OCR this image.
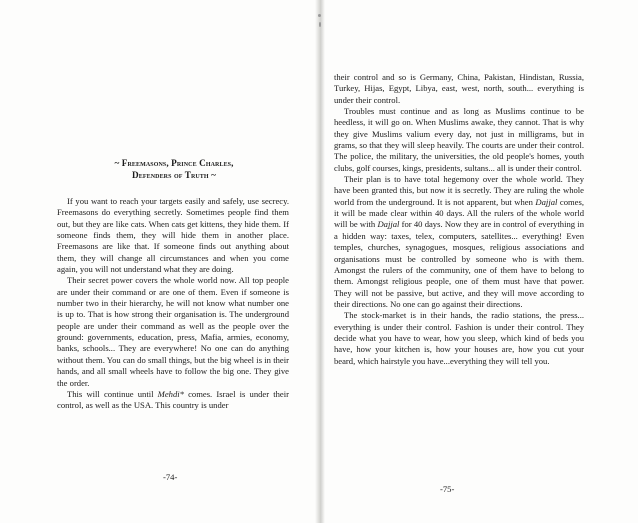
~ Freemasons, Prince Charles,
Defenders of Truth ~

If you want to reach your targets easily and safely, use secrecy. Freemasons do everything secretly. Sometimes people find them out, but they are like cats. When cats get kittens, they hide them. If someone finds them, they will hide them in another place. Freemasons are like that. If someone finds out anything about them, they will change all circumstances and when you come again, you will not understand what they are doing.

Their secret power covers the whole world now. All top people are under their command or are one of them. Even if someone is number two in their hierarchy, he will not know what number one is up to. That is how strong their organisation is. The underground people are under their command as well as the people over the ground: governments, education, press, Mafia, armies, economy, banks, schools... They are everywhere! No one can do anything without them. You can do small things, but the big wheel is in their hands, and all small wheels have to follow the big one. They give the order.

This will continue until Mehdi* comes. Israel is under their control, as well as the USA. This country is under

-74-

their control and so is Germany, China, Pakistan, Hindistan, Russia, Turkey, Hijas, Egypt, Libya, east, west, north, south... everything is under their control.

Troubles must continue and as long as Muslims continue to be heedless, it will go on. When Muslims awake, they cannot. That is why they give Muslims valium every day, not just in milligrams, but in grams, so that they will sleep heavily. The courts are under their control. The police, the military, the universities, the old people's homes, youth clubs, golf courses, kings, presidents, sultans... all is under their control.

Their plan is to have total hegemony over the whole world. They have been granted this, but now it is secretly. They are ruling the whole world from the underground. It is not apparent, but when Dajjal comes, it will be made clear within 40 days. All the rulers of the whole world will be with Dajjal for 40 days. Now they are in control of everything in a hidden way: taxes, telex, computers, satellites... everything! Even temples, churches, synagogues, mosques, religious associations and organisations must be controlled by someone who is with them. Amongst the rulers of the community, one of them have to belong to them. Amongst religious people, one of them must have that power. They will not be passive, but active, and they will move according to their directions. No one can go against their directions.

The stock-market is in their hands, the radio stations, the press... everything is under their control. Fashion is under their control. They decide what you have to wear, how you sleep, which kind of beds you have, how your kitchen is, how your houses are, how you cut your beard, which hairstyle you have...everything they will tell you.

-75-
